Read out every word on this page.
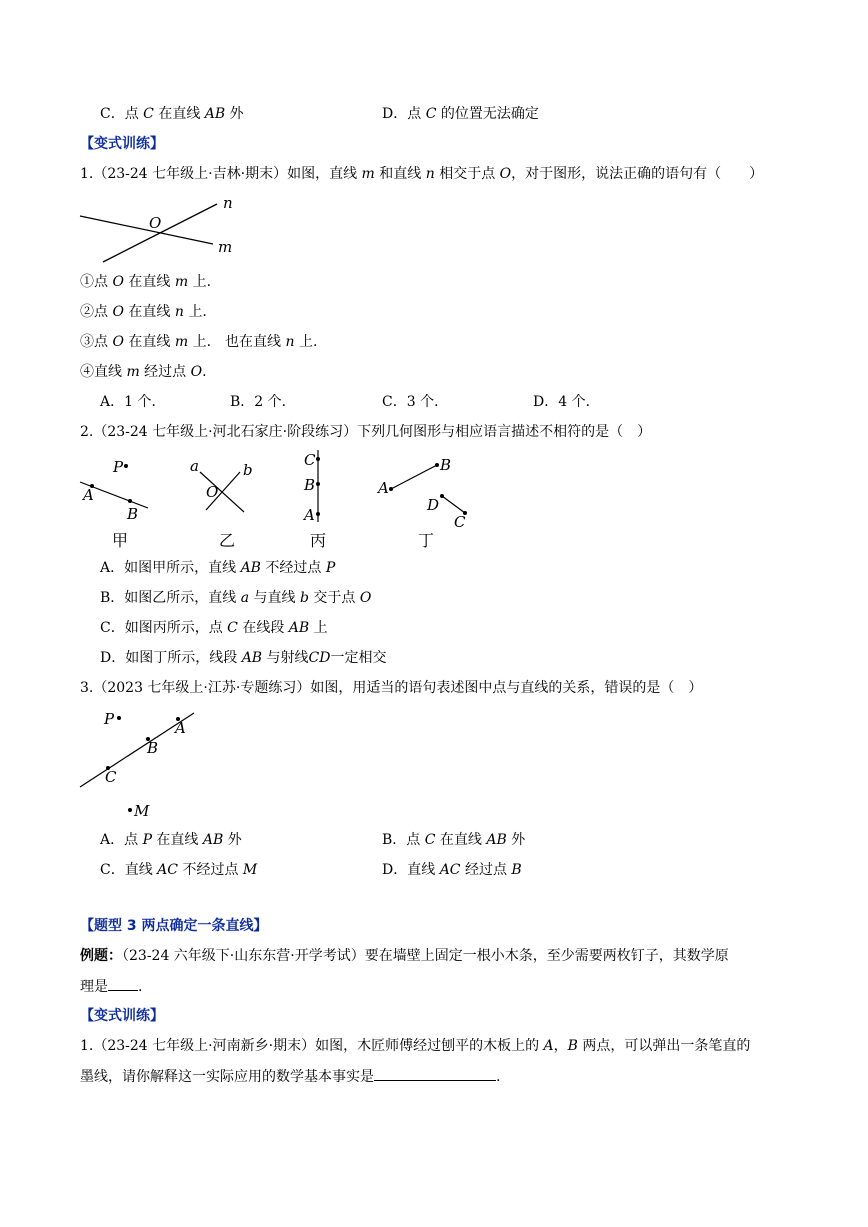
C．点 C 在直线 AB 外	D．点 C 的位置无法确定
【变式训练】
1.（23-24 七年级上·吉林·期末）如图，直线 m 和直线 n 相交于点 O，对于图形，说法正确的语句有（　　）
O
n
m
①点 O 在直线 m 上.
②点 O 在直线 n 上.
③点 O 在直线 m 上.　也在直线 n 上.
④直线 m 经过点 O.
A．1 个．	B．2 个．	C．3 个．	D．4 个．
2.（23-24 七年级上·河北石家庄·阶段练习）下列几何图形与相应语言描述不相符的是（　）
P
A
B
甲
a	b
O
乙
C
B
A
丙
A
B
D
C
丁
A．如图甲所示，直线 AB 不经过点 P
B．如图乙所示，直线 a 与直线 b 交于点 O
C．如图丙所示，点 C 在线段 AB 上
D．如图丁所示，线段 AB 与射线CD一定相交
3.（2023 七年级上·江苏·专题练习）如图，用适当的语句表述图中点与直线的关系，错误的是（　）
P	A
B
C
M
A．点 P 在直线 AB 外	B．点 C 在直线 AB 外
C．直线 AC 不经过点 M	D．直线 AC 经过点 B
【题型 3 两点确定一条直线】
例题：（23-24 六年级下·山东东营·开学考试）要在墙壁上固定一根小木条，至少需要两枚钉子，其数学原
理是 .
【变式训练】
1.（23-24 七年级上·河南新乡·期末）如图，木匠师傅经过刨平的木板上的 A，B 两点，可以弹出一条笔直的
墨线，请你解释这一实际应用的数学基本事实是	.
